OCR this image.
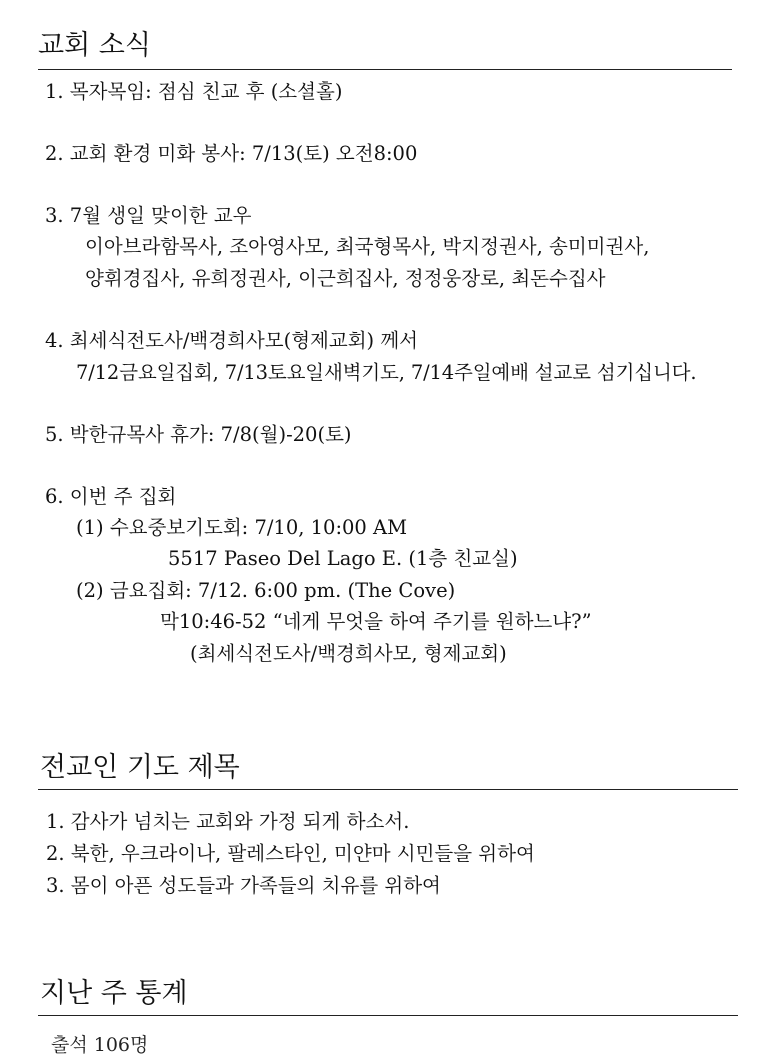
교회 소식
1. 목자목임: 점심 친교 후 (소셜홀)
2. 교회 환경 미화 봉사: 7/13(토) 오전8:00
3. 7월 생일 맞이한 교우
이아브라함목사, 조아영사모, 최국형목사, 박지정권사, 송미미권사,
양휘경집사, 유희정권사, 이근희집사, 정정웅장로, 최돈수집사
4. 최세식전도사/백경희사모(형제교회) 께서
7/12금요일집회, 7/13토요일새벽기도, 7/14주일예배 설교로 섬기십니다.
5. 박한규목사 휴가: 7/8(월)-20(토)
6. 이번 주 집회
(1) 수요중보기도회: 7/10, 10:00 AM
5517 Paseo Del Lago E. (1층 친교실)
(2) 금요집회: 7/12. 6:00 pm. (The Cove)
막10:46-52 “네게 무엇을 하여 주기를 원하느냐?”
(최세식전도사/백경희사모, 형제교회)
전교인 기도 제목
1. 감사가 넘치는 교회와 가정 되게 하소서.
2. 북한, 우크라이나, 팔레스타인, 미얀마 시민들을 위하여
3. 몸이 아픈 성도들과 가족들의 치유를 위하여
지난 주 통계
출석 106명
